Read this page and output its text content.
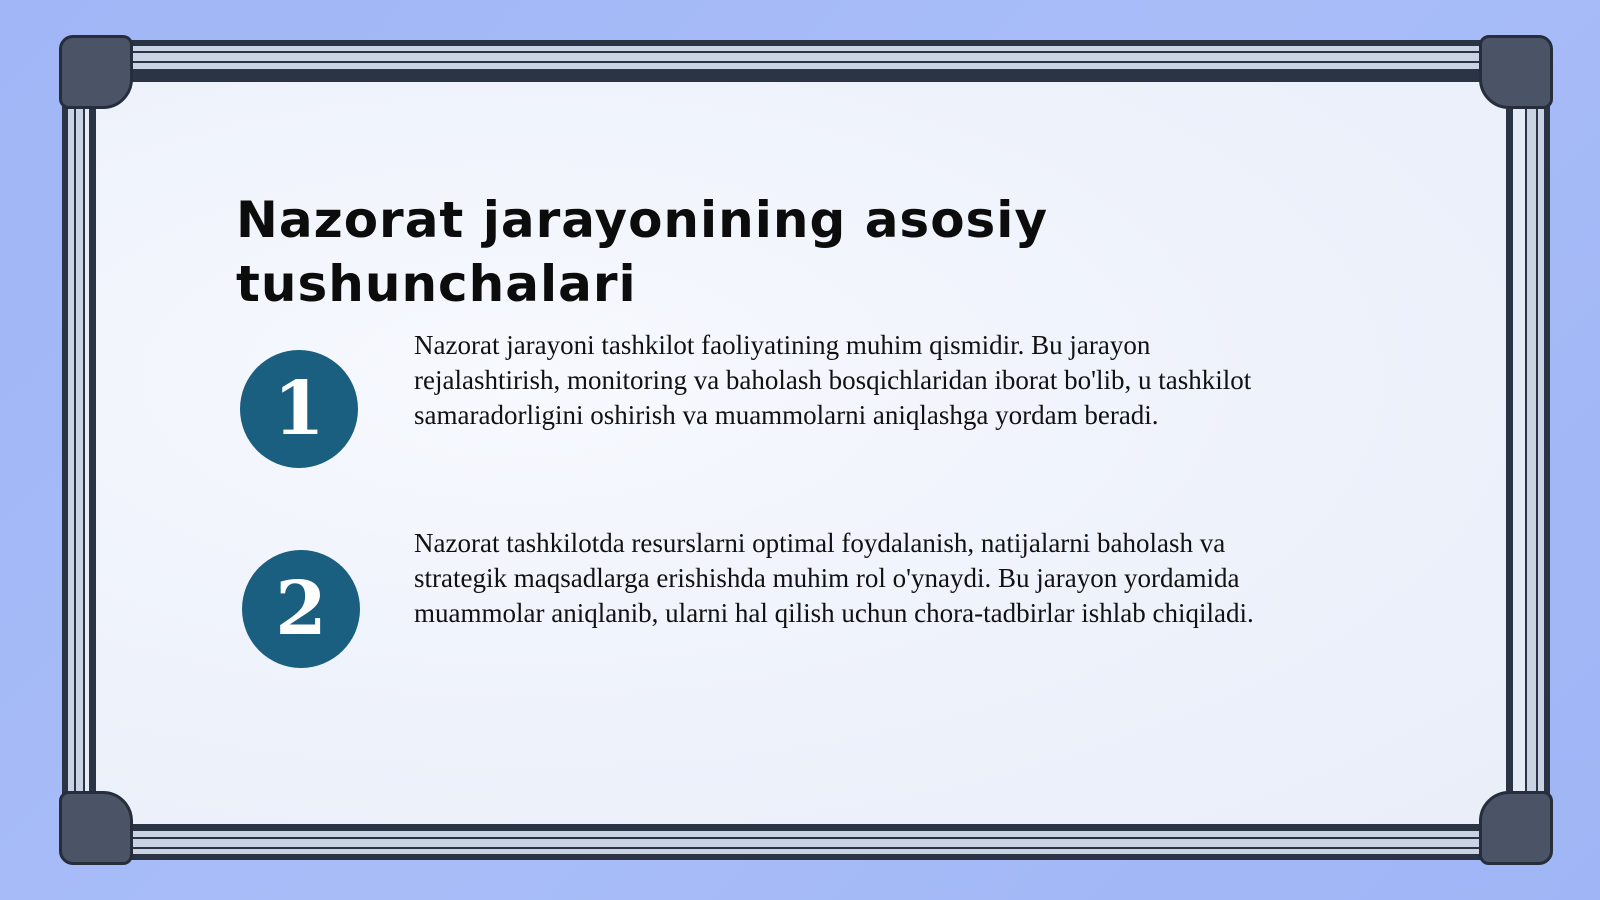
Nazorat jarayonining asosiy tushunchalari
1

Nazorat jarayoni tashkilot faoliyatining muhim qismidir. Bu jarayon rejalashtirish, monitoring va baholash bosqichlaridan iborat bo'lib, u tashkilot samaradorligini oshirish va muammolarni aniqlashga yordam beradi.

2

Nazorat tashkilotda resurslarni optimal foydalanish, natijalarni baholash va strategik maqsadlarga erishishda muhim rol o'ynaydi. Bu jarayon yordamida muammolar aniqlanib, ularni hal qilish uchun chora-tadbirlar ishlab chiqiladi.
